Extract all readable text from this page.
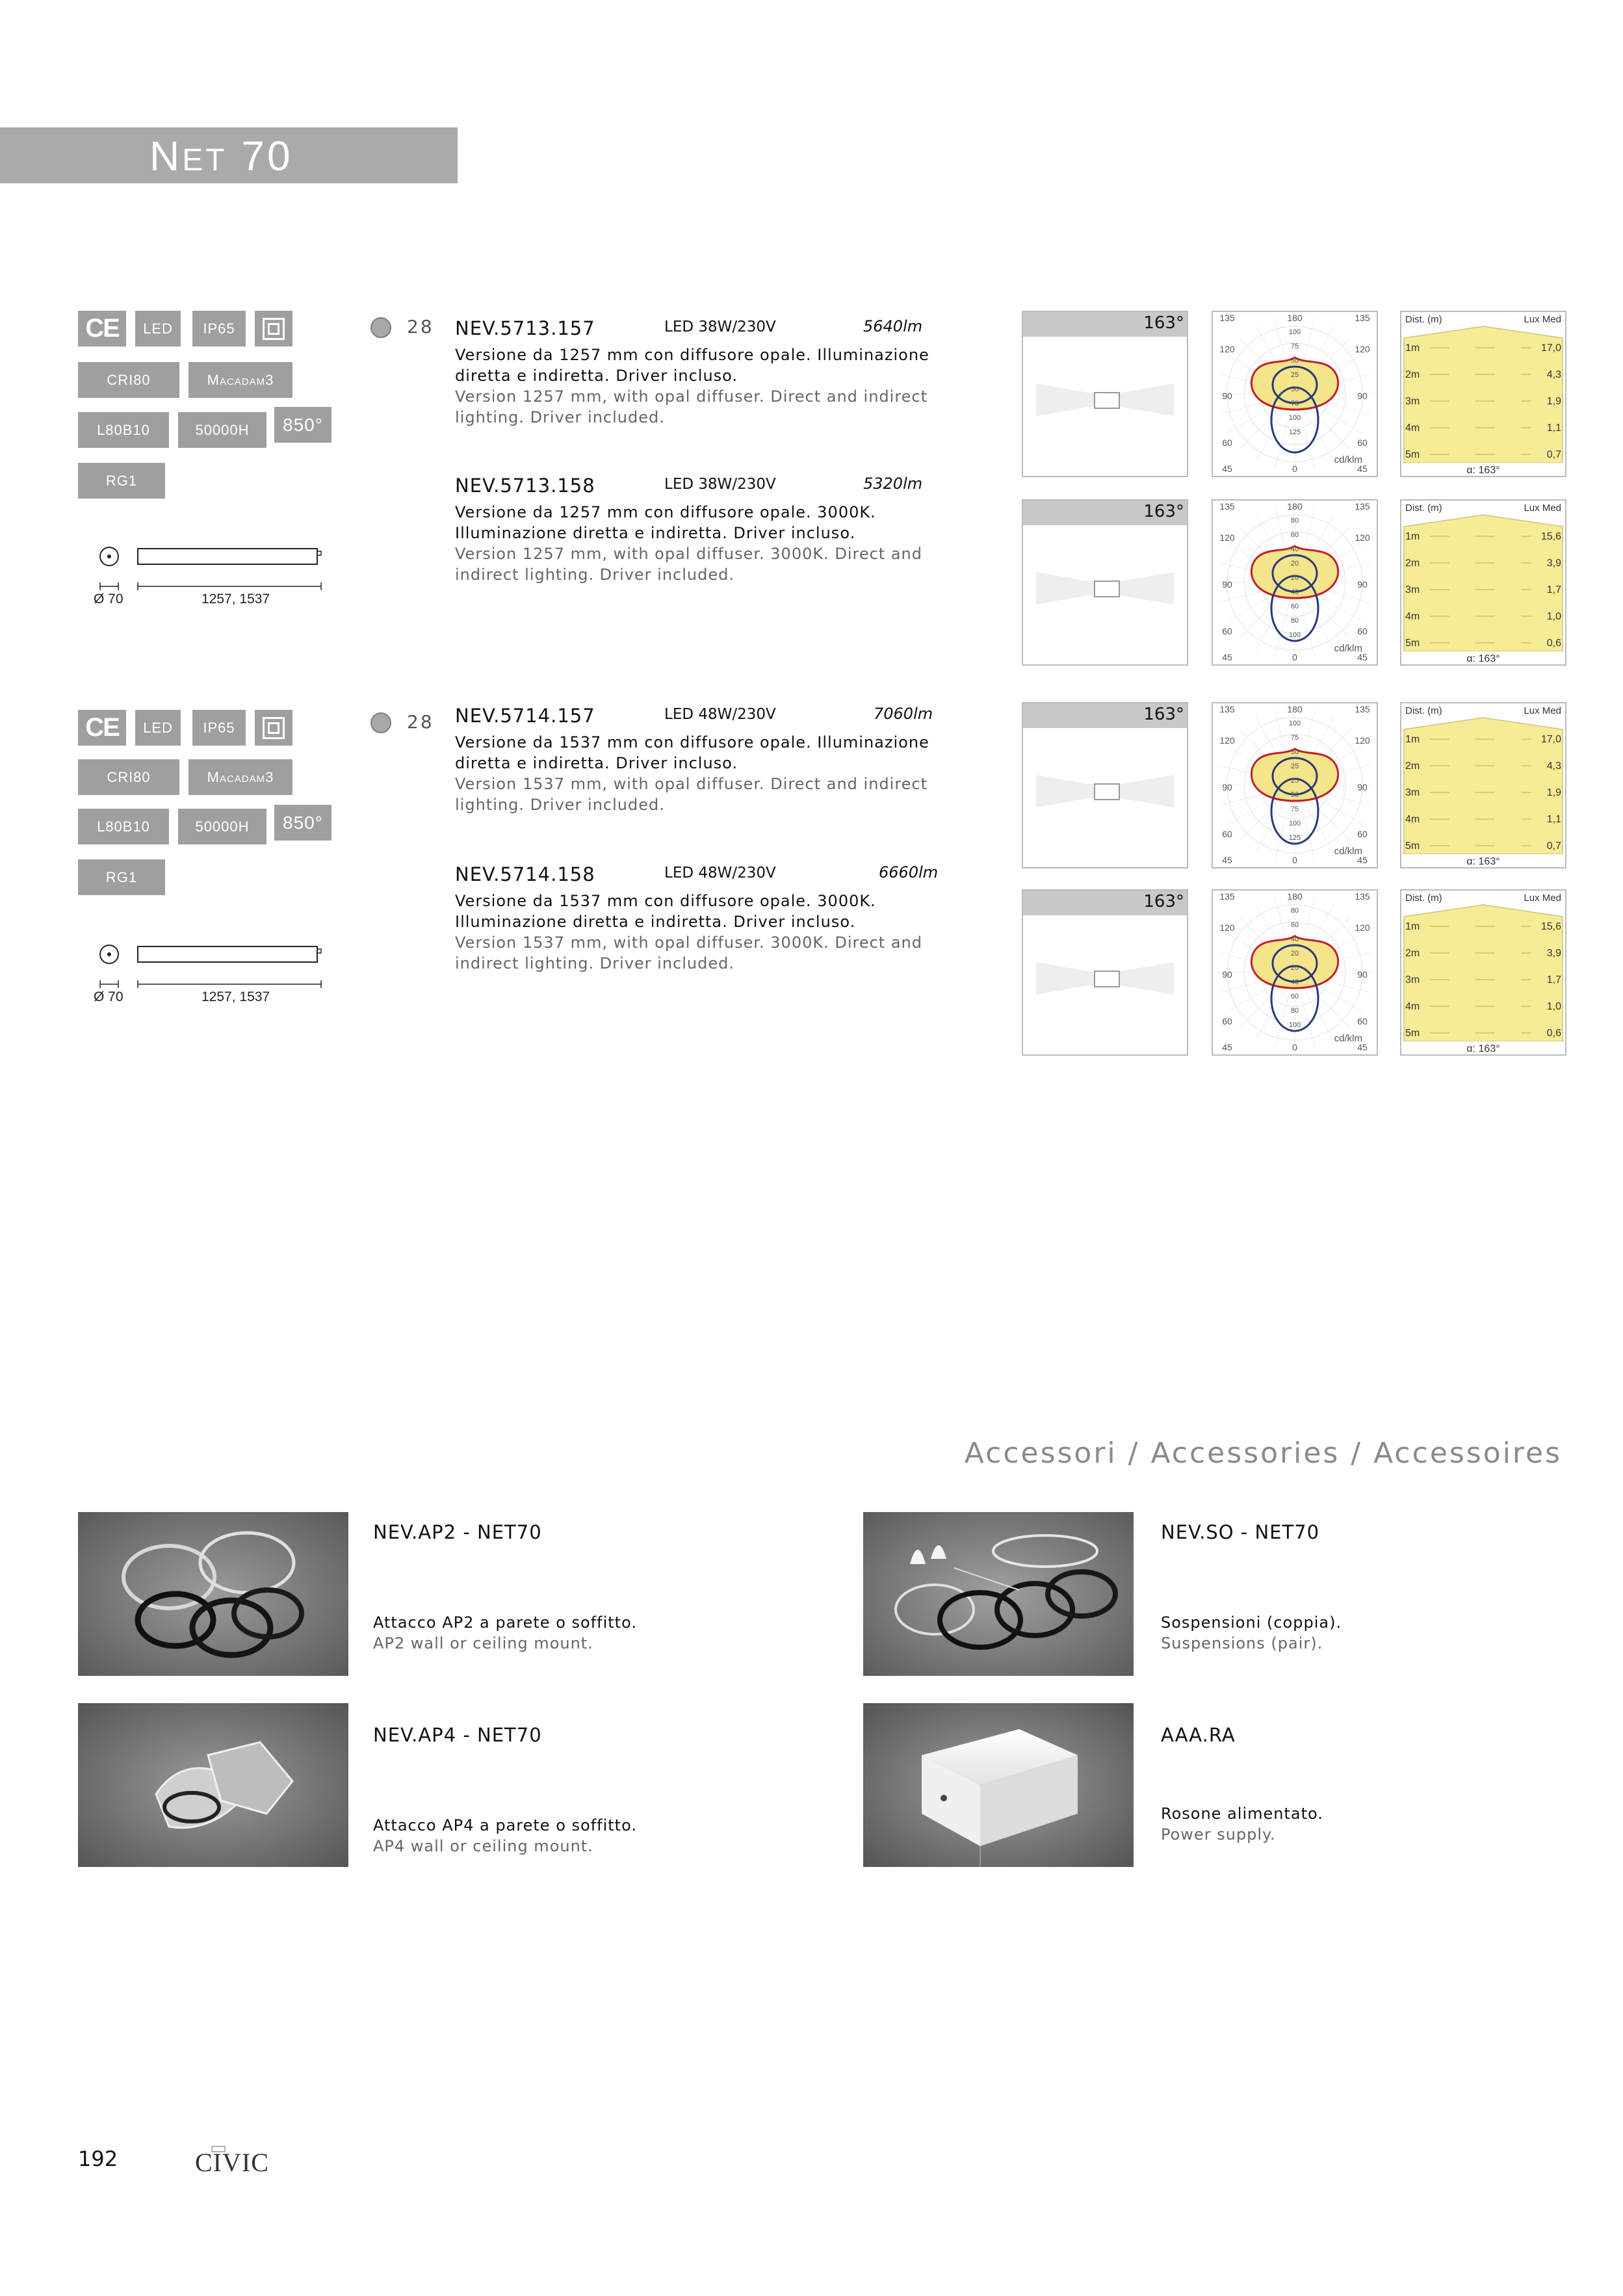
NET 70
CE	LED	IP65
CRI80	Macadam3
L80B10	50000H	850°
RG1
Ø 70	1257, 1537
28 NEV.5713.157	LED 38W/230V	5640lm
Versione da 1257 mm con diffusore opale. Illuminazione diretta e indiretta. Driver incluso.
Version 1257 mm, with opal diffuser. Direct and indirect lighting. Driver included.
NEV.5713.158	LED 38W/230V	5320lm
Versione da 1257 mm con diffusore opale. 3000K. Illuminazione diretta e indiretta. Driver incluso.
Version 1257 mm, with opal diffuser. 3000K. Direct and indirect lighting. Driver included.
CE	LED	IP65
CRI80	Macadam3
L80B10	50000H	850°
RG1
Ø 70	1257, 1537
28 NEV.5714.157	LED 48W/230V	7060lm
Versione da 1537 mm con diffusore opale. Illuminazione diretta e indiretta. Driver incluso.
Version 1537 mm, with opal diffuser. Direct and indirect lighting. Driver included.
NEV.5714.158	LED 48W/230V	6660lm
Versione da 1537 mm con diffusore opale. 3000K. Illuminazione diretta e indiretta. Driver incluso.
Version 1537 mm, with opal diffuser. 3000K. Direct and indirect lighting. Driver included.
163°	135	180	135
120	120
90	90
60	60
45	45
0
cd/klm
100
75
50
25
50
75
100
125
Dist. (m)	Lux Med
1m	17,0
2m	4,3
3m	1,9
4m	1,1
5m	0,7
α: 163°
163°	135	180	135
120	120
90	90
60	60
45	45
0
cd/klm
80
60
40
20
20
40
60
80
100
Dist. (m)	Lux Med
1m	15,6
2m	3,9
3m	1,7
4m	1,0
5m	0,6
α: 163°
163°	135	180	135
120	120
90	90
60	60
45	45
0
cd/klm
100
75
50
25
25
50
75
100
125
Dist. (m)	Lux Med
1m	17,0
2m	4,3
3m	1,9
4m	1,1
5m	0,7
α: 163°
163°	135	180	135
120	120
90	90
60	60
45	45
0
cd/klm
80
60
40
20
20
40
60
80
100
Dist. (m)	Lux Med
1m	15,6
2m	3,9
3m	1,7
4m	1,0
5m	0,6
α: 163°
Accessori / Accessories / Accessoires
NEV.AP2 - NET70
Attacco AP2 a parete o soffitto.
AP2 wall or ceiling mount.
NEV.SO - NET70
Sospensioni (coppia).
Suspensions (pair).
NEV.AP4 - NET70
Attacco AP4 a parete o soffitto.
AP4 wall or ceiling mount.
AAA.RA
Rosone alimentato.
Power supply.
192	CIVIC
